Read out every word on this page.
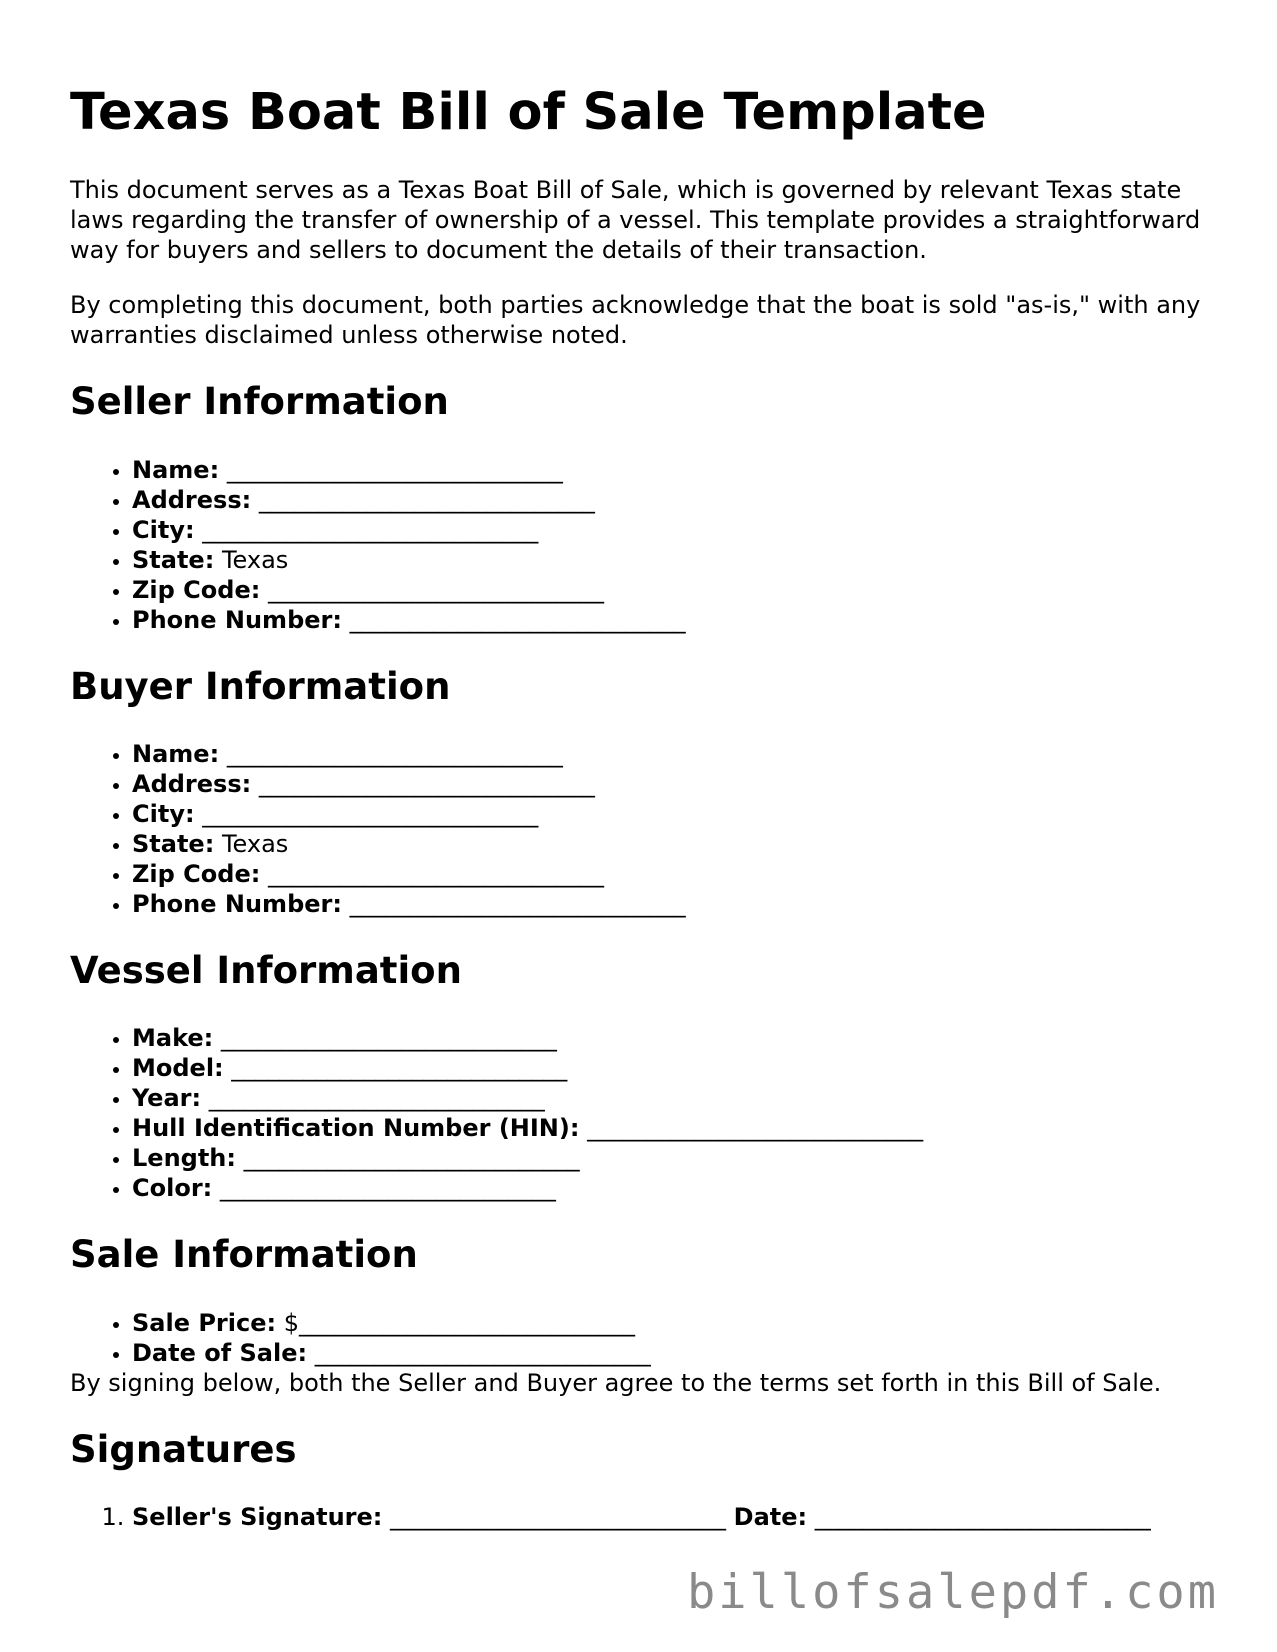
Texas Boat Bill of Sale Template

This document serves as a Texas Boat Bill of Sale, which is governed by relevant Texas state laws regarding the transfer of ownership of a vessel. This template provides a straightforward way for buyers and sellers to document the details of their transaction.

By completing this document, both parties acknowledge that the boat is sold "as-is," with any warranties disclaimed unless otherwise noted.

Seller Information
• Name: ____________________________
• Address: ____________________________
• City: ____________________________
• State: Texas
• Zip Code: ____________________________
• Phone Number: ____________________________
Buyer Information
• Name: ____________________________
• Address: ____________________________
• City: ____________________________
• State: Texas
• Zip Code: ____________________________
• Phone Number: ____________________________
Vessel Information
• Make: ____________________________
• Model: ____________________________
• Year: ____________________________
• Hull Identification Number (HIN): ____________________________
• Length: ____________________________
• Color: ____________________________
Sale Information
• Sale Price: $____________________________
• Date of Sale: ____________________________

By signing below, both the Seller and Buyer agree to the terms set forth in this Bill of Sale.

Signatures
1. Seller's Signature: ____________________________ Date: ____________________________
billofsalepdf.com
